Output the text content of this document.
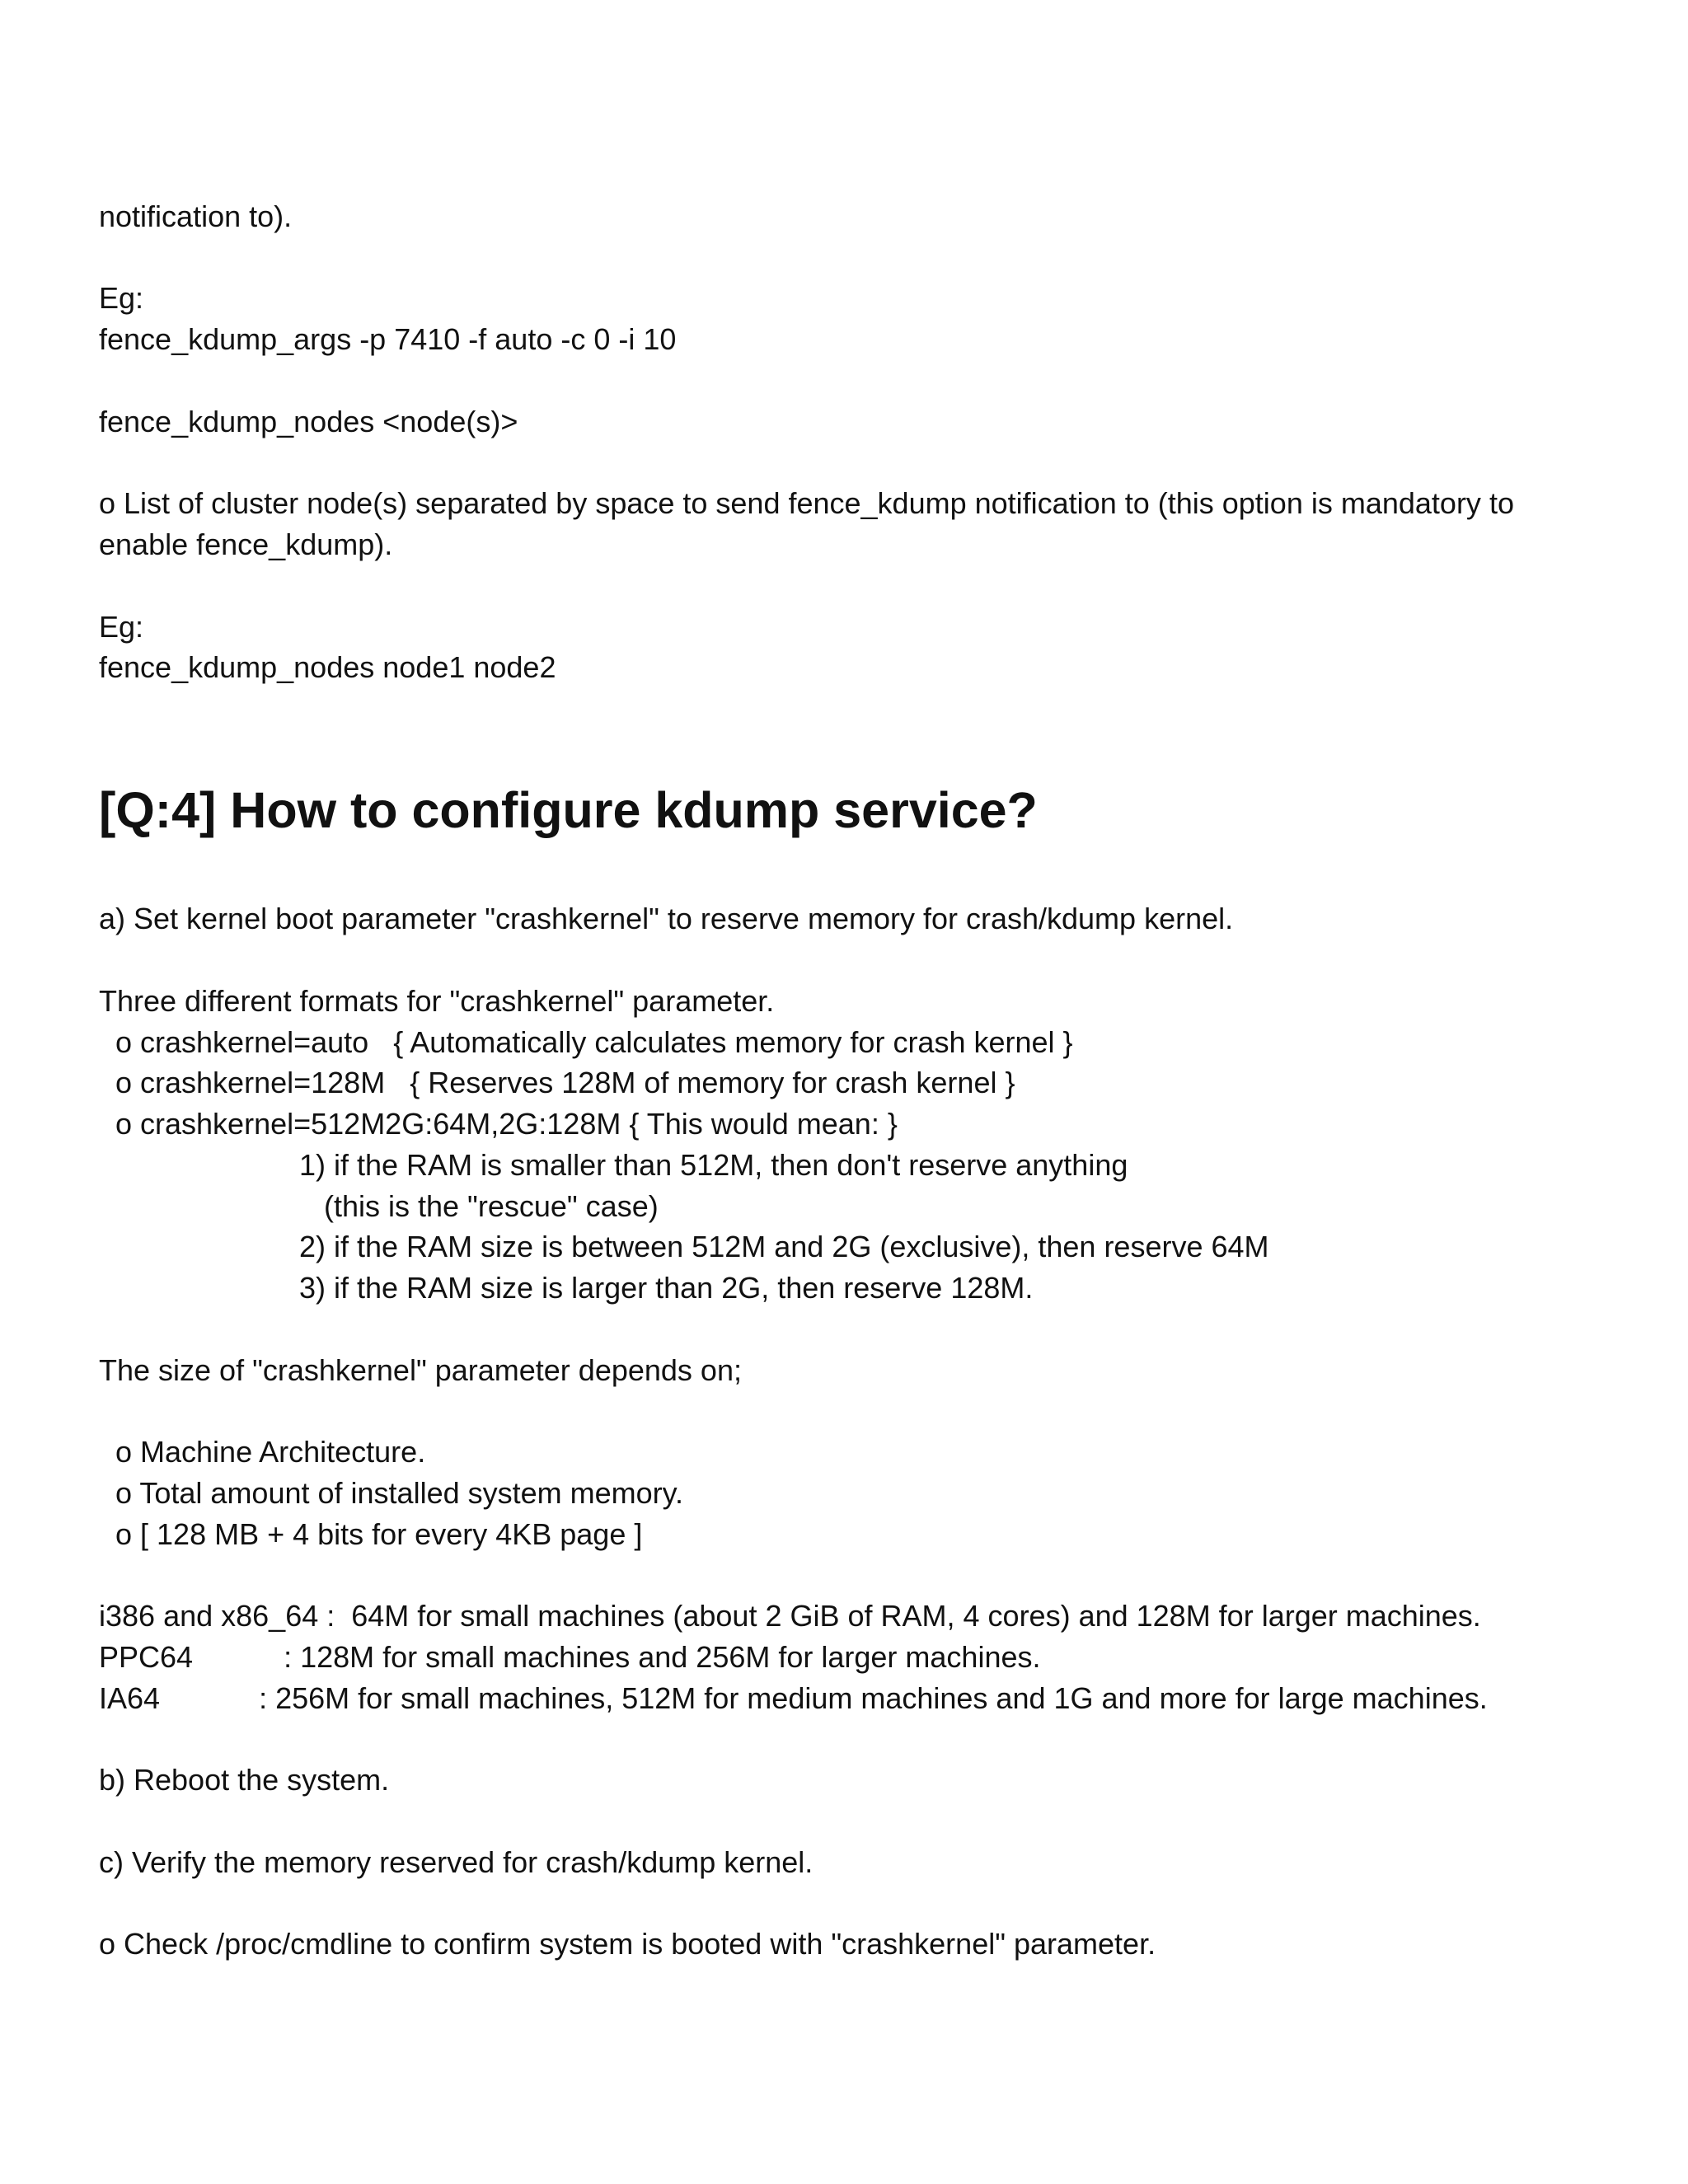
notification to).
Eg:
fence_kdump_args -p 7410 -f auto -c 0 -i 10
fence_kdump_nodes <node(s)>
o List of cluster node(s) separated by space to send fence_kdump notification to (this option is mandatory to
enable fence_kdump).
Eg:
fence_kdump_nodes node1 node2
[Q:4] How to configure kdump service?
a) Set kernel boot parameter "crashkernel" to reserve memory for crash/kdump kernel.
Three different formats for "crashkernel" parameter.
o crashkernel=auto   { Automatically calculates memory for crash kernel }
o crashkernel=128M   { Reserves 128M of memory for crash kernel }
o crashkernel=512M2G:64M,2G:128M { This would mean: }
1) if the RAM is smaller than 512M, then don't reserve anything
(this is the "rescue" case)
2) if the RAM size is between 512M and 2G (exclusive), then reserve 64M
3) if the RAM size is larger than 2G, then reserve 128M.
The size of "crashkernel" parameter depends on;
o Machine Architecture.
o Total amount of installed system memory.
o [ 128 MB + 4 bits for every 4KB page ]
i386 and x86_64 :  64M for small machines (about 2 GiB of RAM, 4 cores) and 128M for larger machines.
PPC64           : 128M for small machines and 256M for larger machines.
IA64            : 256M for small machines, 512M for medium machines and 1G and more for large machines.
b) Reboot the system.
c) Verify the memory reserved for crash/kdump kernel.
o Check /proc/cmdline to confirm system is booted with "crashkernel" parameter.
